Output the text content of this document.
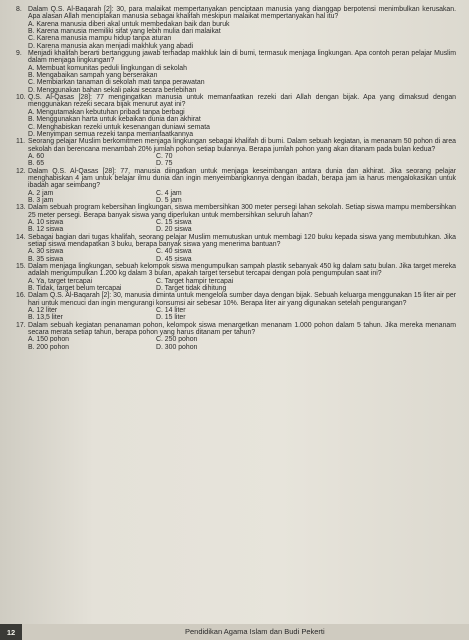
8. Dalam Q.S. Al-Baqarah [2]: 30, para malaikat mempertanyakan penciptaan manusia yang dianggap berpotensi menimbulkan kerusakan. Apa alasan Allah menciptakan manusia sebagai khalifah meskipun malaikat mempertanyakan hal itu?
A. Karena manusia diberi akal untuk membedakan baik dan buruk
B. Karena manusia memiliki sifat yang lebih mulia dari malaikat
C. Karena manusia mampu hidup tanpa aturan
D. Karena manusia akan menjadi makhluk yang abadi
9. Menjadi khalifah berarti bertanggung jawab terhadap makhluk lain di bumi, termasuk menjaga lingkungan. Apa contoh peran pelajar Muslim dalam menjaga lingkungan?
A. Membuat komunitas peduli lingkungan di sekolah
B. Mengabaikan sampah yang berserakan
C. Membiarkan tanaman di sekolah mati tanpa perawatan
D. Menggunakan bahan sekali pakai secara berlebihan
10. Q.S. Al-Qasas [28]: 77 mengingatkan manusia untuk memanfaatkan rezeki dari Allah dengan bijak. Apa yang dimaksud dengan menggunakan rezeki secara bijak menurut ayat ini?
A. Mengutamakan kebutuhan pribadi tanpa berbagi
B. Menggunakan harta untuk kebaikan dunia dan akhirat
C. Menghabiskan rezeki untuk kesenangan duniawi semata
D. Menyimpan semua rezeki tanpa memanfaatkannya
11. Seorang pelajar Muslim berkomitmen menjaga lingkungan sebagai khalifah di bumi. Dalam sebuah kegiatan, ia menanam 50 pohon di area sekolah dan berencana menambah 20% jumlah pohon setiap bulannya. Berapa jumlah pohon yang akan ditanam pada bulan kedua?
A. 60	C. 70
B. 65	D. 75
12. Dalam Q.S. Al-Qasas [28]: 77, manusia diingatkan untuk menjaga keseimbangan antara dunia dan akhirat. Jika seorang pelajar menghabiskan 4 jam untuk belajar ilmu dunia dan ingin menyeimbangkannya dengan ibadah, berapa jam ia harus mengalokasikan untuk ibadah agar seimbang?
A. 2 jam	C. 4 jam
B. 3 jam	D. 5 jam
13. Dalam sebuah program kebersihan lingkungan, siswa membersihkan 300 meter persegi lahan sekolah. Setiap siswa mampu membersihkan 25 meter persegi. Berapa banyak siswa yang diperlukan untuk membersihkan seluruh lahan?
A. 10 siswa	C. 15 siswa
B. 12 siswa	D. 20 siswa
14. Sebagai bagian dari tugas khalifah, seorang pelajar Muslim memutuskan untuk membagi 120 buku kepada siswa yang membutuhkan. Jika setiap siswa mendapatkan 3 buku, berapa banyak siswa yang menerima bantuan?
A. 30 siswa	C. 40 siswa
B. 35 siswa	D. 45 siswa
15. Dalam menjaga lingkungan, sebuah kelompok siswa mengumpulkan sampah plastik sebanyak 450 kg dalam satu bulan. Jika target mereka adalah mengumpulkan 1.200 kg dalam 3 bulan, apakah target tersebut tercapai dengan pola pengumpulan saat ini?
A. Ya, target tercapai	C. Target hampir tercapai
B. Tidak, target belum tercapai	D. Target tidak dihitung
16. Dalam Q.S. Al-Baqarah [2]: 30, manusia diminta untuk mengelola sumber daya dengan bijak. Sebuah keluarga menggunakan 15 liter air per hari untuk mencuci dan ingin mengurangi konsumsi air sebesar 10%. Berapa liter air yang digunakan setelah pengurangan?
A. 12 liter	C. 14 liter
B. 13,5 liter	D. 15 liter
17. Dalam sebuah kegiatan penanaman pohon, kelompok siswa menargetkan menanam 1.000 pohon dalam 5 tahun. Jika mereka menanam secara merata setiap tahun, berapa pohon yang harus ditanam per tahun?
A. 150 pohon	C. 250 pohon
B. 200 pohon	D. 300 pohon
12	Pendidikan Agama Islam dan Budi Pekerti
